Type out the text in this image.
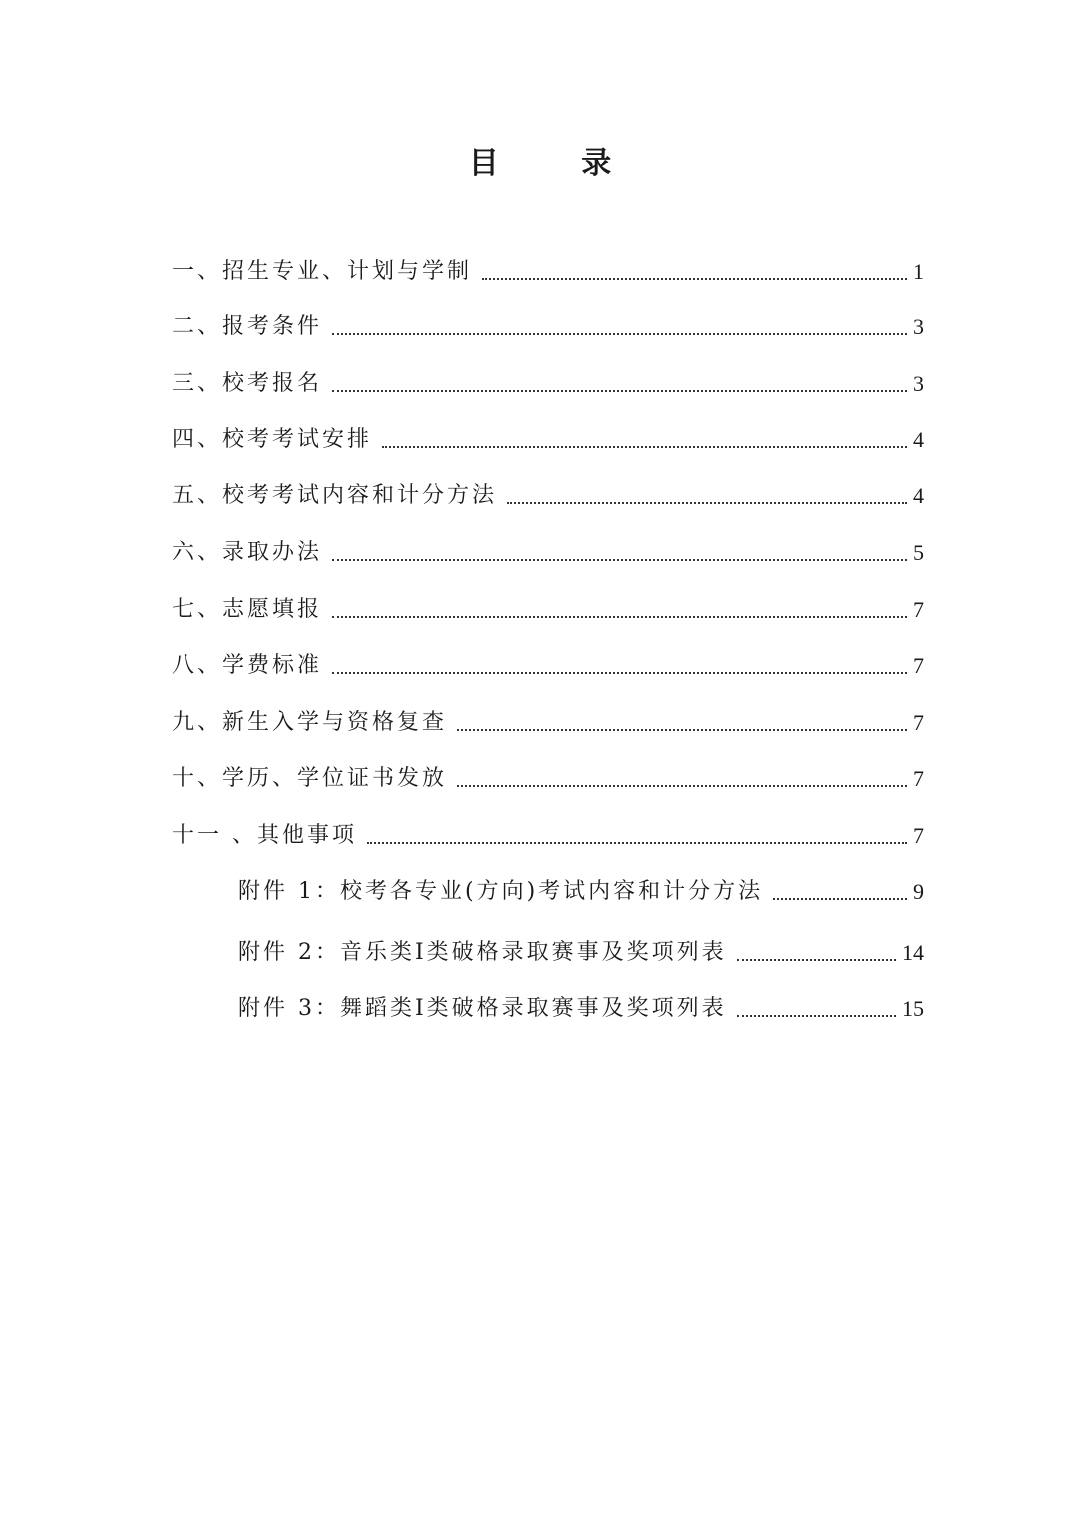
目 录
一、招生专业、计划与学制	1
二、报考条件	3
三、校考报名	3
四、校考考试安排	4
五、校考考试内容和计分方法	4
六、录取办法	5
七、志愿填报	7
八、学费标准	7
九、新生入学与资格复查	7
十、学历、学位证书发放	7
十一 、其他事项	7
附件 1：校考各专业(方向)考试内容和计分方法	9
附件 2：音乐类Ⅰ类破格录取赛事及奖项列表	14
附件 3：舞蹈类Ⅰ类破格录取赛事及奖项列表	15
